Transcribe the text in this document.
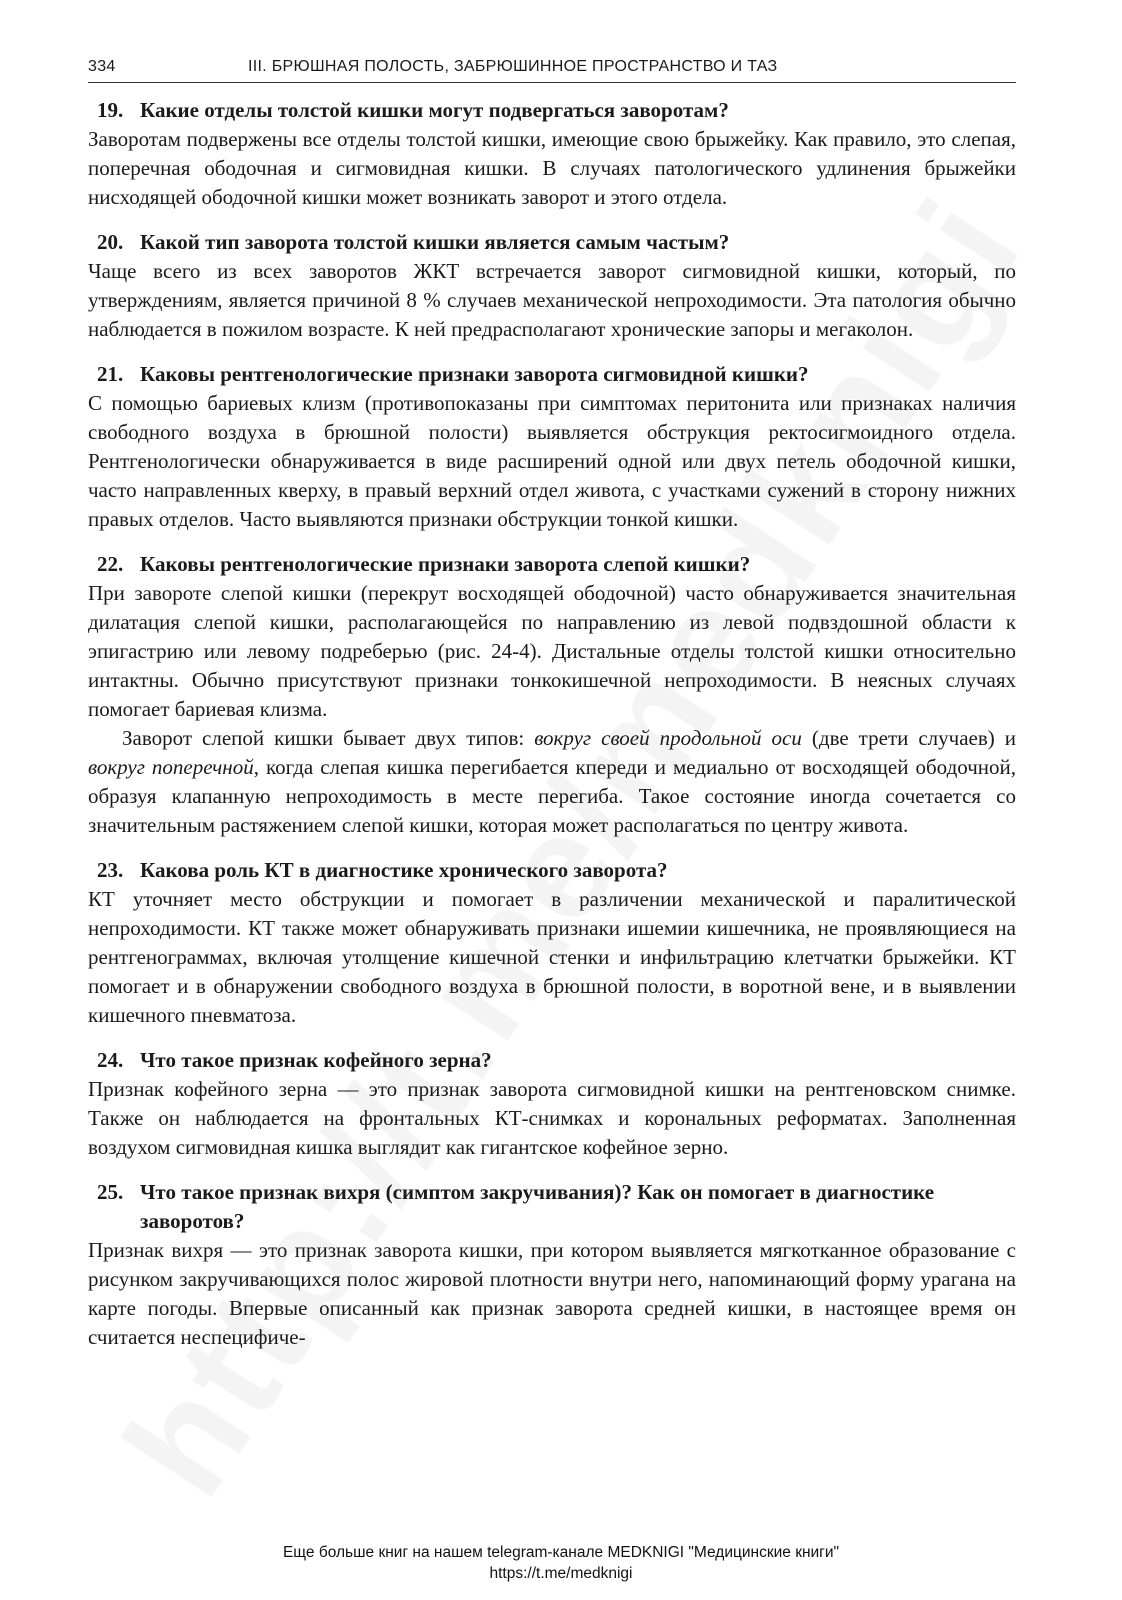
334	III. БРЮШНАЯ ПОЛОСТЬ, ЗАБРЮШИННОЕ ПРОСТРАНСТВО И ТАЗ

19. Какие отделы толстой кишки могут подвергаться заворотам?

Заворотам подвержены все отделы толстой кишки, имеющие свою брыжейку. Как правило, это слепая, поперечная ободочная и сигмовидная кишки. В случаях патологического удлинения брыжейки нисходящей ободочной кишки может возникать заворот и этого отдела.

20. Какой тип заворота толстой кишки является самым частым?

Чаще всего из всех заворотов ЖКТ встречается заворот сигмовидной кишки, который, по утверждениям, является причиной 8 % случаев механической непроходимости. Эта патология обычно наблюдается в пожилом возрасте. К ней предрасполагают хронические запоры и мегаколон.

21. Каковы рентгенологические признаки заворота сигмовидной кишки?

С помощью бариевых клизм (противопоказаны при симптомах перитонита или признаках наличия свободного воздуха в брюшной полости) выявляется обструкция ректосигмоидного отдела. Рентгенологически обнаруживается в виде расширений одной или двух петель ободочной кишки, часто направленных кверху, в правый верхний отдел живота, с участками сужений в сторону нижних правых отделов. Часто выявляются признаки обструкции тонкой кишки.

22. Каковы рентгенологические признаки заворота слепой кишки?

При завороте слепой кишки (перекрут восходящей ободочной) часто обнаруживается значительная дилатация слепой кишки, располагающейся по направлению из левой подвздошной области к эпигастрию или левому подреберью (рис. 24-4). Дистальные отделы толстой кишки относительно интактны. Обычно присутствуют признаки тонкокишечной непроходимости. В неясных случаях помогает бариевая клизма.

Заворот слепой кишки бывает двух типов: вокруг своей продольной оси (две трети случаев) и вокруг поперечной, когда слепая кишка перегибается кпереди и медиально от восходящей ободочной, образуя клапанную непроходимость в месте перегиба. Такое состояние иногда сочетается со значительным растяжением слепой кишки, которая может располагаться по центру живота.

23. Какова роль КТ в диагностике хронического заворота?

КТ уточняет место обструкции и помогает в различении механической и паралитической непроходимости. КТ также может обнаруживать признаки ишемии кишечника, не проявляющиеся на рентгенограммах, включая утолщение кишечной стенки и инфильтрацию клетчатки брыжейки. КТ помогает и в обнаружении свободного воздуха в брюшной полости, в воротной вене, и в выявлении кишечного пневматоза.

24. Что такое признак кофейного зерна?

Признак кофейного зерна — это признак заворота сигмовидной кишки на рентгеновском снимке. Также он наблюдается на фронтальных КТ-снимках и корональных реформатах. Заполненная воздухом сигмовидная кишка выглядит как гигантское кофейное зерно.

25. Что такое признак вихря (симптом закручивания)? Как он помогает в диагностике заворотов?

Признак вихря — это признак заворота кишки, при котором выявляется мягкотканное образование с рисунком закручивающихся полос жировой плотности внутри него, напоминающий форму урагана на карте погоды. Впервые описанный как признак заворота средней кишки, в настоящее время он считается неспецифиче-

Еще больше книг на нашем telegram-канале MEDKNIGI "Медицинские книги"
https://t.me/medknigi
